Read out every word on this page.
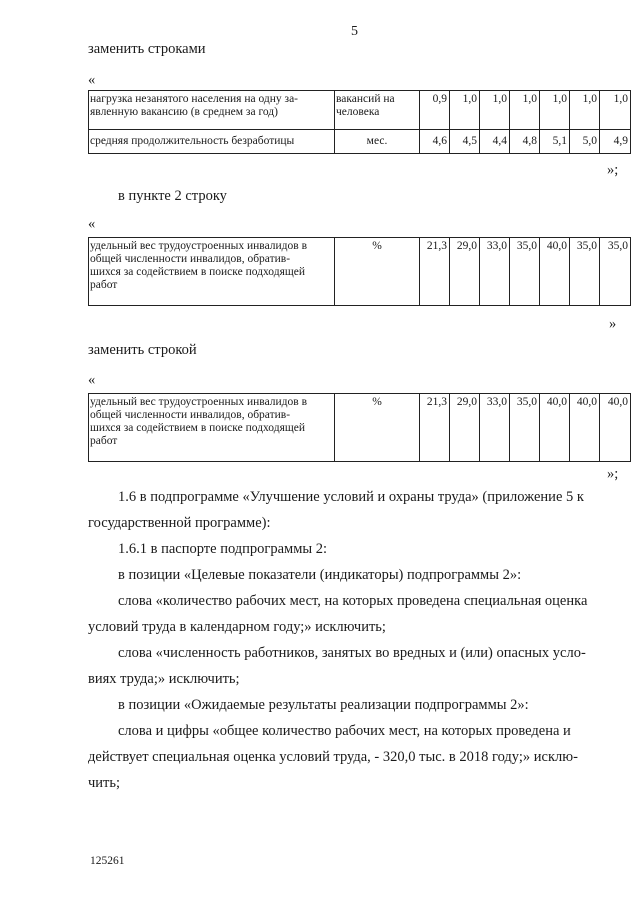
5
заменить строками
«
нагрузка незанятого населения на одну за-
явленную вакансию (в среднем за год)	вакансий на
человека	0,9	1,0	1,0	1,0	1,0	1,0	1,0
средняя продолжительность безработицы	мес.	4,6	4,5	4,4	4,8	5,1	5,0	4,9
»;
в пункте 2 строку
«
удельный вес трудоустроенных инвалидов в
общей численности инвалидов, обратив-
шихся за содействием в поиске подходящей
работ	%	21,3	29,0	33,0	35,0	40,0	35,0	35,0
»
заменить строкой
«
удельный вес трудоустроенных инвалидов в
общей численности инвалидов, обратив-
шихся за содействием в поиске подходящей
работ	%	21,3	29,0	33,0	35,0	40,0	40,0	40,0
»;
1.6 в подпрограмме «Улучшение условий и охраны труда» (приложение 5 к
государственной программе):
1.6.1 в паспорте подпрограммы 2:
в позиции «Целевые показатели (индикаторы) подпрограммы 2»:
слова «количество рабочих мест, на которых проведена специальная оценка
условий труда в календарном году;» исключить;
слова «численность работников, занятых во вредных и (или) опасных усло-
виях труда;» исключить;
в позиции «Ожидаемые результаты реализации подпрограммы 2»:
слова и цифры «общее количество рабочих мест, на которых проведена и
действует специальная оценка условий труда, - 320,0 тыс. в 2018 году;» исклю-
чить;
125261
